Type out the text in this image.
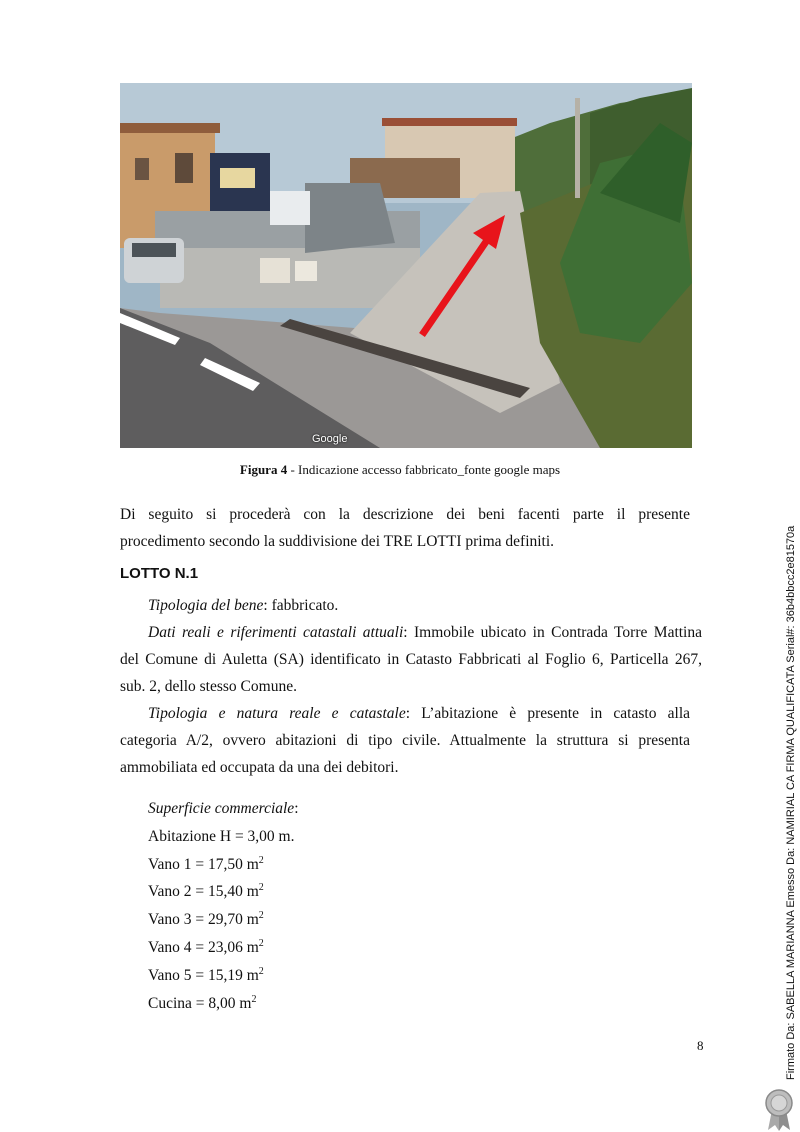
Google
Figura 4 - Indicazione accesso fabbricato_fonte google maps
Di seguito si procederà con la descrizione dei beni facenti parte il presente
procedimento secondo la suddivisione dei TRE LOTTI prima definiti.
LOTTO N.1
Tipologia del bene: fabbricato.
Dati reali e riferimenti catastali attuali: Immobile ubicato in Contrada Torre Mattina
del Comune di Auletta (SA) identificato in Catasto Fabbricati al Foglio 6, Particella 267,
sub. 2, dello stesso Comune.
Tipologia e natura reale e catastale: L’abitazione è presente in catasto alla
categoria A/2, ovvero abitazioni di tipo civile. Attualmente la struttura si presenta
ammobiliata ed occupata da una dei debitori.
Superficie commerciale:
Abitazione H = 3,00 m.
Vano 1 = 17,50 $m^2$
Vano 2 = 15,40 $m^2$
Vano 3 = 29,70 $m^2$
Vano 4 = 23,06 $m^2$
Vano 5 = 15,19 $m^2$
Cucina = 8,00 $m^2$
8	Firmato Da: SABELLA MARIANNA Emesso Da: NAMIRIAL CA FIRMA QUALIFICATA Serial#: 36b4bbcc2e81570a
